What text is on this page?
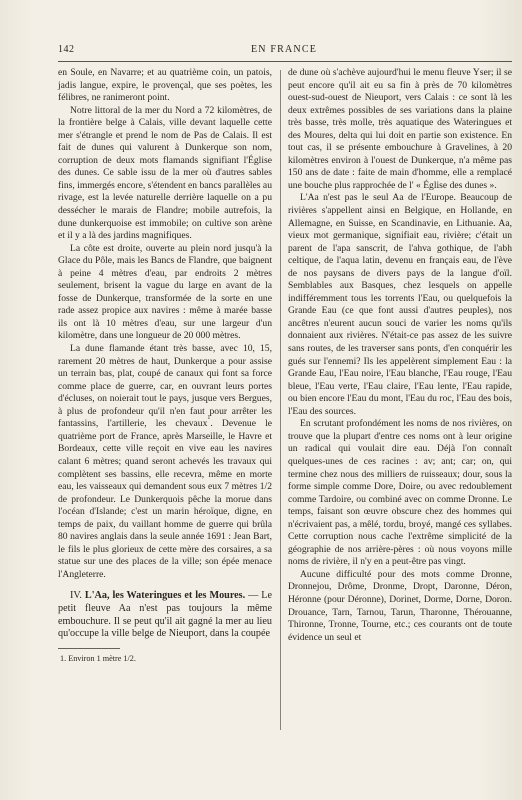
142	EN FRANCE

en Soule, en Navarre; et au quatrième coin, un patois, jadis langue, expire, le provençal, que ses poètes, les félibres, ne ranimeront point.

Notre littoral de la mer du Nord a 72 kilomètres, de la frontière belge à Calais, ville devant laquelle cette mer s'étrangle et prend le nom de Pas de Calais. Il est fait de dunes qui valurent à Dunkerque son nom, corruption de deux mots flamands signifiant l'Église des dunes. Ce sable issu de la mer où d'autres sables fins, immergés encore, s'étendent en bancs parallèles au rivage, est la levée naturelle derrière laquelle on a pu dessécher le marais de Flandre; mobile autrefois, la dune dunkerquoise est immobile; on cultive son arène et il y a là des jardins magnifiques.

La côte est droite, ouverte au plein nord jusqu'à la Glace du Pôle, mais les Bancs de Flandre, que baignent à peine 4 mètres d'eau, par endroits 2 mètres seulement, brisent la vague du large en avant de la fosse de Dunkerque, transformée de la sorte en une rade assez propice aux navires : même à marée basse ils ont là 10 mètres d'eau, sur une largeur d'un kilomètre, dans une longueur de 20 000 mètres.

La dune flamande étant très basse, avec 10, 15, rarement 20 mètres de haut, Dunkerque a pour assise un terrain bas, plat, coupé de canaux qui font sa force comme place de guerre, car, en ouvrant leurs portes d'écluses, on noierait tout le pays, jusque vers Bergues, à plus de profondeur qu'il n'en faut pour arrêter les fantassins, l'artillerie, les chevaux$^1$. Devenue le quatrième port de France, après Marseille, le Havre et Bordeaux, cette ville reçoit en vive eau les navires calant 6 mètres; quand seront achevés les travaux qui complètent ses bassins, elle recevra, même en morte eau, les vaisseaux qui demandent sous eux 7 mètres 1/2 de profondeur. Le Dunkerquois pêche la morue dans l'océan d'Islande; c'est un marin héroïque, digne, en temps de paix, du vaillant homme de guerre qui brûla 80 navires anglais dans la seule année 1691 : Jean Bart, le fils le plus glorieux de cette mère des corsaires, a sa statue sur une des places de la ville; son épée menace l'Angleterre.

IV. L'Aa, les Wateringues et les Moures. — Le petit fleuve Aa n'est pas toujours la même embouchure. Il se peut qu'il ait gagné la mer au lieu qu'occupe la ville belge de Nieuport, dans la coupée

1. Environ 1 mètre 1/2.

de dune où s'achève aujourd'hui le menu fleuve Yser; il se peut encore qu'il ait eu sa fin à près de 70 kilomètres ouest-sud-ouest de Nieuport, vers Calais : ce sont là les deux extrêmes possibles de ses variations dans la plaine très basse, très molle, très aquatique des Wateringues et des Moures, delta qui lui doit en partie son existence. En tout cas, il se présente embouchure à Gravelines, à 20 kilomètres environ à l'ouest de Dunkerque, n'a même pas 150 ans de date : faite de main d'homme, elle a remplacé une bouche plus rapprochée de l' « Église des dunes ».

L'Aa n'est pas le seul Aa de l'Europe. Beaucoup de rivières s'appellent ainsi en Belgique, en Hollande, en Allemagne, en Suisse, en Scandinavie, en Lithuanie. Aa, vieux mot germanique, signifiait eau, rivière; c'était un parent de l'apa sanscrit, de l'ahva gothique, de l'abh celtique, de l'aqua latin, devenu en français eau, de l'ève de nos paysans de divers pays de la langue d'oïl. Semblables aux Basques, chez lesquels on appelle indifféremment tous les torrents l'Eau, ou quelquefois la Grande Eau (ce que font aussi d'autres peuples), nos ancêtres n'eurent aucun souci de varier les noms qu'ils donnaient aux rivières. N'était-ce pas assez de les suivre sans routes, de les traverser sans ponts, d'en conquérir les gués sur l'ennemi? Ils les appelèrent simplement Eau : la Grande Eau, l'Eau noire, l'Eau blanche, l'Eau rouge, l'Eau bleue, l'Eau verte, l'Eau claire, l'Eau lente, l'Eau rapide, ou bien encore l'Eau du mont, l'Eau du roc, l'Eau des bois, l'Eau des sources.

En scrutant profondément les noms de nos rivières, on trouve que la plupart d'entre ces noms ont à leur origine un radical qui voulait dire eau. Déjà l'on connaît quelques-unes de ces racines : av; ant; car; on, qui termine chez nous des milliers de ruisseaux; dour, sous la forme simple comme Dore, Doire, ou avec redoublement comme Tardoire, ou combiné avec on comme Dronne. Le temps, faisant son œuvre obscure chez des hommes qui n'écrivaient pas, a mêlé, tordu, broyé, mangé ces syllabes. Cette corruption nous cache l'extrême simplicité de la géographie de nos arrière-pères : où nous voyons mille noms de rivière, il n'y en a peut-être pas vingt.

Aucune difficulté pour des mots comme Dronne, Dronnejou, Drôme, Dronme, Dropt, Daronne, Déron, Héronne (pour Déronne), Dorinet, Dorme, Dorne, Doron. Drouance, Tarn, Tarnou, Tarun, Tharonne, Thérouanne, Thironne, Tronne, Tourne, etc.; ces courants ont de toute évidence un seul et
